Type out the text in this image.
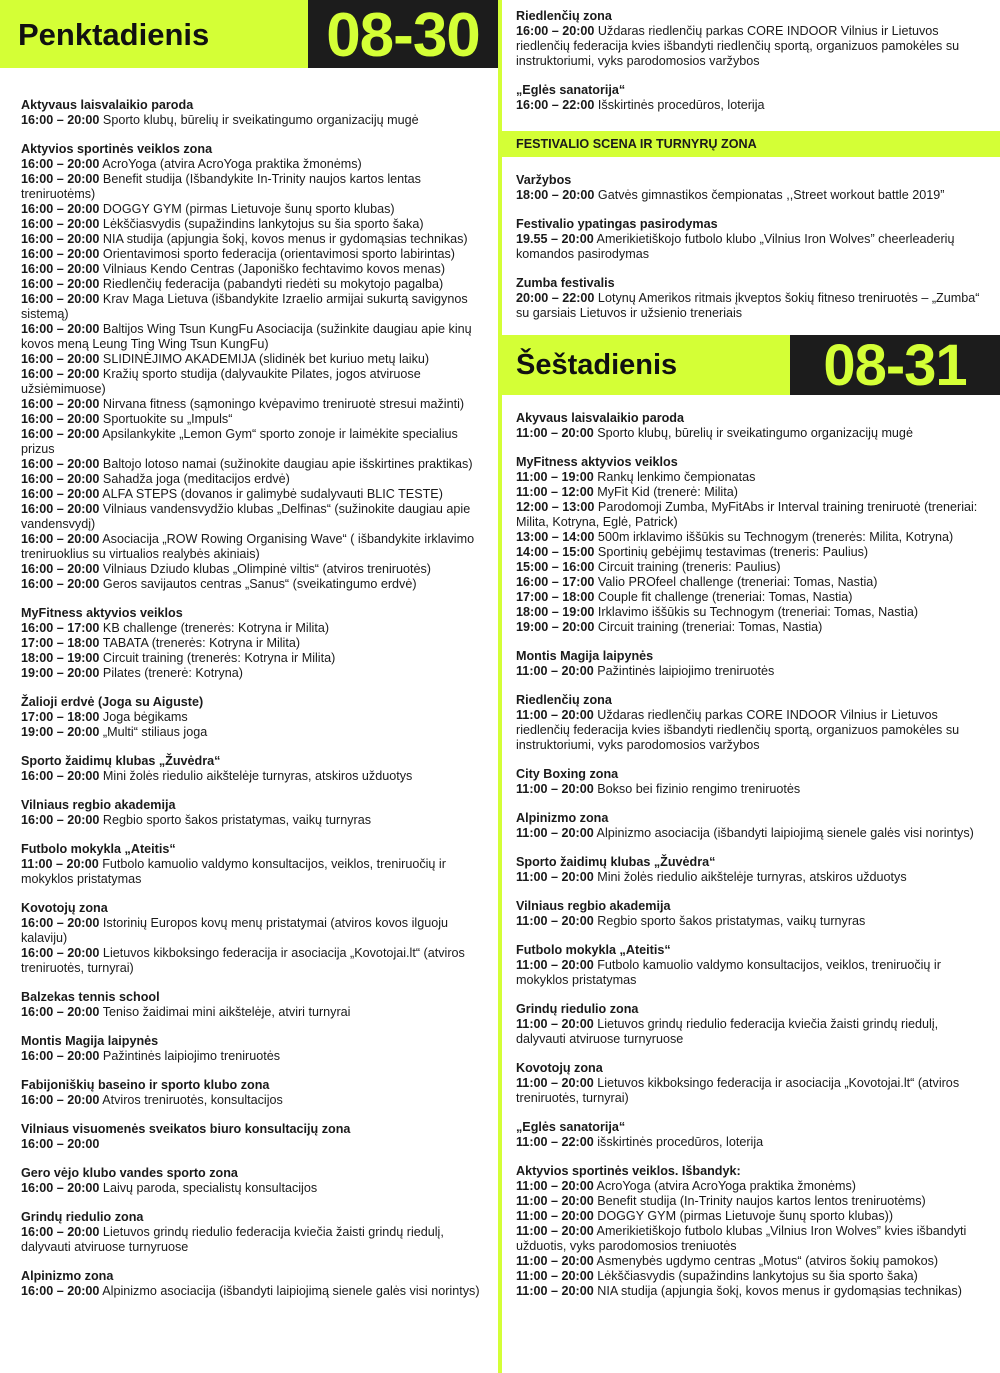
Penktadienis	08-30
Aktyvaus laisvalaikio paroda
16:00 – 20:00 Sporto klubų, būrelių ir sveikatingumo organizacijų mugė
Aktyvios sportinės veiklos zona
16:00 – 20:00 AcroYoga (atvira AcroYoga praktika žmonėms)
16:00 – 20:00 Benefit studija (Išbandykite In-Trinity naujos kartos lentas treniruotėms)
16:00 – 20:00 DOGGY GYM (pirmas Lietuvoje šunų sporto klubas)
16:00 – 20:00 Lėkščiasvydis (supažindins lankytojus su šia sporto šaka)
16:00 – 20:00 NIA studija (apjungia šokį, kovos menus ir gydomąsias technikas)
16:00 – 20:00 Orientavimosi sporto federacija (orientavimosi sporto labirintas)
16:00 – 20:00 Vilniaus Kendo Centras (Japoniško fechtavimo kovos menas)
16:00 – 20:00 Riedlenčių federacija (pabandyti riedėti su mokytojo pagalba)
16:00 – 20:00 Krav Maga Lietuva (išbandykite Izraelio armijai sukurtą savigynos sistemą)
16:00 – 20:00 Baltijos Wing Tsun KungFu Asociacija (sužinkite daugiau apie kinų kovos meną Leung Ting Wing Tsun KungFu)
16:00 – 20:00 SLIDINĖJIMO AKADEMIJA (slidinėk bet kuriuo metų laiku)
16:00 – 20:00 Kražių sporto studija (dalyvaukite Pilates, jogos atviruose užsiėmimuose)
16:00 – 20:00 Nirvana fitness (sąmoningo kvėpavimo treniruotė stresui mažinti)
16:00 – 20:00 Sportuokite su „Impuls“
16:00 – 20:00 Apsilankykite „Lemon Gym“ sporto zonoje ir laimėkite specialius prizus
16:00 – 20:00 Baltojo lotoso namai (sužinokite daugiau apie išskirtines praktikas)
16:00 – 20:00 Sahadža joga (meditacijos erdvė)
16:00 – 20:00 ALFA STEPS (dovanos ir galimybė sudalyvauti BLIC TESTE)
16:00 – 20:00 Vilniaus vandensvydžio klubas „Delfinas“ (sužinokite daugiau apie vandensvydį)
16:00 – 20:00 Asociacija „ROW Rowing Organising Wave“ ( išbandykite irklavimo treniruoklius su virtualios realybės akiniais)
16:00 – 20:00 Vilniaus Dziudo klubas „Olimpinė viltis“ (atviros treniruotės)
16:00 – 20:00 Geros savijautos centras „Sanus“ (sveikatingumo erdvė)
MyFitness aktyvios veiklos
16:00 – 17:00 KB challenge (trenerės: Kotryna ir Milita)
17:00 – 18:00 TABATA (trenerės: Kotryna ir Milita)
18:00 – 19:00 Circuit training (trenerės: Kotryna ir Milita)
19:00 – 20:00 Pilates (trenerė: Kotryna)
Žalioji erdvė (Joga su Aiguste)
17:00 – 18:00 Joga bėgikams
19:00 – 20:00 „Multi“ stiliaus joga
Sporto žaidimų klubas „Žuvėdra“
16:00 – 20:00 Mini žolės riedulio aikštelėje turnyras, atskiros užduotys
Vilniaus regbio akademija
16:00 – 20:00 Regbio sporto šakos pristatymas, vaikų turnyras
Futbolo mokykla „Ateitis“
11:00 – 20:00 Futbolo kamuolio valdymo konsultacijos, veiklos, treniruočių ir mokyklos pristatymas
Kovotojų zona
16:00 – 20:00 Istorinių Europos kovų menų pristatymai (atviros kovos ilguoju kalaviju)
16:00 – 20:00 Lietuvos kikboksingo federacija ir asociacija „Kovotojai.lt“ (atviros treniruotės, turnyrai)
Balzekas tennis school
16:00 – 20:00 Teniso žaidimai mini aikštelėje, atviri turnyrai
Montis Magija laipynės
16:00 – 20:00 Pažintinės laipiojimo treniruotės
Fabijoniškių baseino ir sporto klubo zona
16:00 – 20:00 Atviros treniruotės, konsultacijos
Vilniaus visuomenės sveikatos biuro konsultacijų zona
16:00 – 20:00
Gero vėjo klubo vandes sporto zona
16:00 – 20:00 Laivų paroda, specialistų konsultacijos
Grindų riedulio zona
16:00 – 20:00 Lietuvos grindų riedulio federacija kviečia žaisti grindų riedulį, dalyvauti atviruose turnyruose
Alpinizmo zona
16:00 – 20:00 Alpinizmo asociacija (išbandyti laipiojimą sienele galės visi norintys)
Riedlenčių zona
16:00 – 20:00 Uždaras riedlenčių parkas CORE INDOOR Vilnius ir Lietuvos riedlenčių federacija kvies išbandyti riedlenčių sportą, organizuos pamokėles su instruktoriumi, vyks parodomosios varžybos
„Eglės sanatorija“
16:00 – 22:00 Išskirtinės procedūros, loterija
FESTIVALIO SCENA IR TURNYRŲ ZONA
Varžybos
18:00 – 20:00 Gatvės gimnastikos čempionatas ,,Street workout battle 2019”
Festivalio ypatingas pasirodymas
19.55 – 20:00 Amerikietiškojo futbolo klubo „Vilnius Iron Wolves” cheerleaderių komandos pasirodymas
Zumba festivalis
20:00 – 22:00 Lotynų Amerikos ritmais įkveptos šokių fitneso treniruotės – „Zumba“ su garsiais Lietuvos ir užsienio treneriais
Šeštadienis	08-31
Akyvaus laisvalaikio paroda
11:00 – 20:00 Sporto klubų, būrelių ir sveikatingumo organizacijų mugė
MyFitness aktyvios veiklos
11:00 – 19:00 Rankų lenkimo čempionatas
11:00 – 12:00 MyFit Kid (trenerė: Milita)
12:00 – 13:00 Parodomoji Zumba, MyFitAbs ir Interval training treniruotė (treneriai: Milita, Kotryna, Eglė, Patrick)
13:00 – 14:00 500m irklavimo iššūkis su Technogym (trenerės: Milita, Kotryna)
14:00 – 15:00 Sportinių gebėjimų testavimas (treneris: Paulius)
15:00 – 16:00 Circuit training (treneris: Paulius)
16:00 – 17:00 Valio PROfeel challenge (treneriai: Tomas, Nastia)
17:00 – 18:00 Couple fit challenge (treneriai: Tomas, Nastia)
18:00 – 19:00 Irklavimo iššūkis su Technogym (treneriai: Tomas, Nastia)
19:00 – 20:00 Circuit training (treneriai: Tomas, Nastia)
Montis Magija laipynės
11:00 – 20:00 Pažintinės laipiojimo treniruotės
Riedlenčių zona
11:00 – 20:00 Uždaras riedlenčių parkas CORE INDOOR Vilnius ir Lietuvos riedlenčių federacija kvies išbandyti riedlenčių sportą, organizuos pamokėles su instruktoriumi, vyks parodomosios varžybos
City Boxing zona
11:00 – 20:00 Bokso bei fizinio rengimo treniruotės
Alpinizmo zona
11:00 – 20:00 Alpinizmo asociacija (išbandyti laipiojimą sienele galės visi norintys)
Sporto žaidimų klubas „Žuvėdra“
11:00 – 20:00 Mini žolės riedulio aikštelėje turnyras, atskiros užduotys
Vilniaus regbio akademija
11:00 – 20:00 Regbio sporto šakos pristatymas, vaikų turnyras
Futbolo mokykla „Ateitis“
11:00 – 20:00 Futbolo kamuolio valdymo konsultacijos, veiklos, treniruočių ir mokyklos pristatymas
Grindų riedulio zona
11:00 – 20:00 Lietuvos grindų riedulio federacija kviečia žaisti grindų riedulį, dalyvauti atviruose turnyruose
Kovotojų zona
11:00 – 20:00 Lietuvos kikboksingo federacija ir asociacija „Kovotojai.lt“ (atviros treniruotės, turnyrai)
„Eglės sanatorija“
11:00 – 22:00 išskirtinės procedūros, loterija
Aktyvios sportinės veiklos. Išbandyk:
11:00 – 20:00 AcroYoga (atvira AcroYoga praktika žmonėms)
11:00 – 20:00 Benefit studija (In-Trinity naujos kartos lentos treniruotėms)
11:00 – 20:00 DOGGY GYM (pirmas Lietuvoje šunų sporto klubas))
11:00 – 20:00 Amerikietiškojo futbolo klubas „Vilnius Iron Wolves” kvies išbandyti užduotis, vyks parodomosios treniuotės
11:00 – 20:00 Asmenybės ugdymo centras „Motus“ (atviros šokių pamokos)
11:00 – 20:00 Lėkščiasvydis (supažindins lankytojus su šia sporto šaka)
11:00 – 20:00 NIA studija (apjungia šokį, kovos menus ir gydomąsias technikas)
